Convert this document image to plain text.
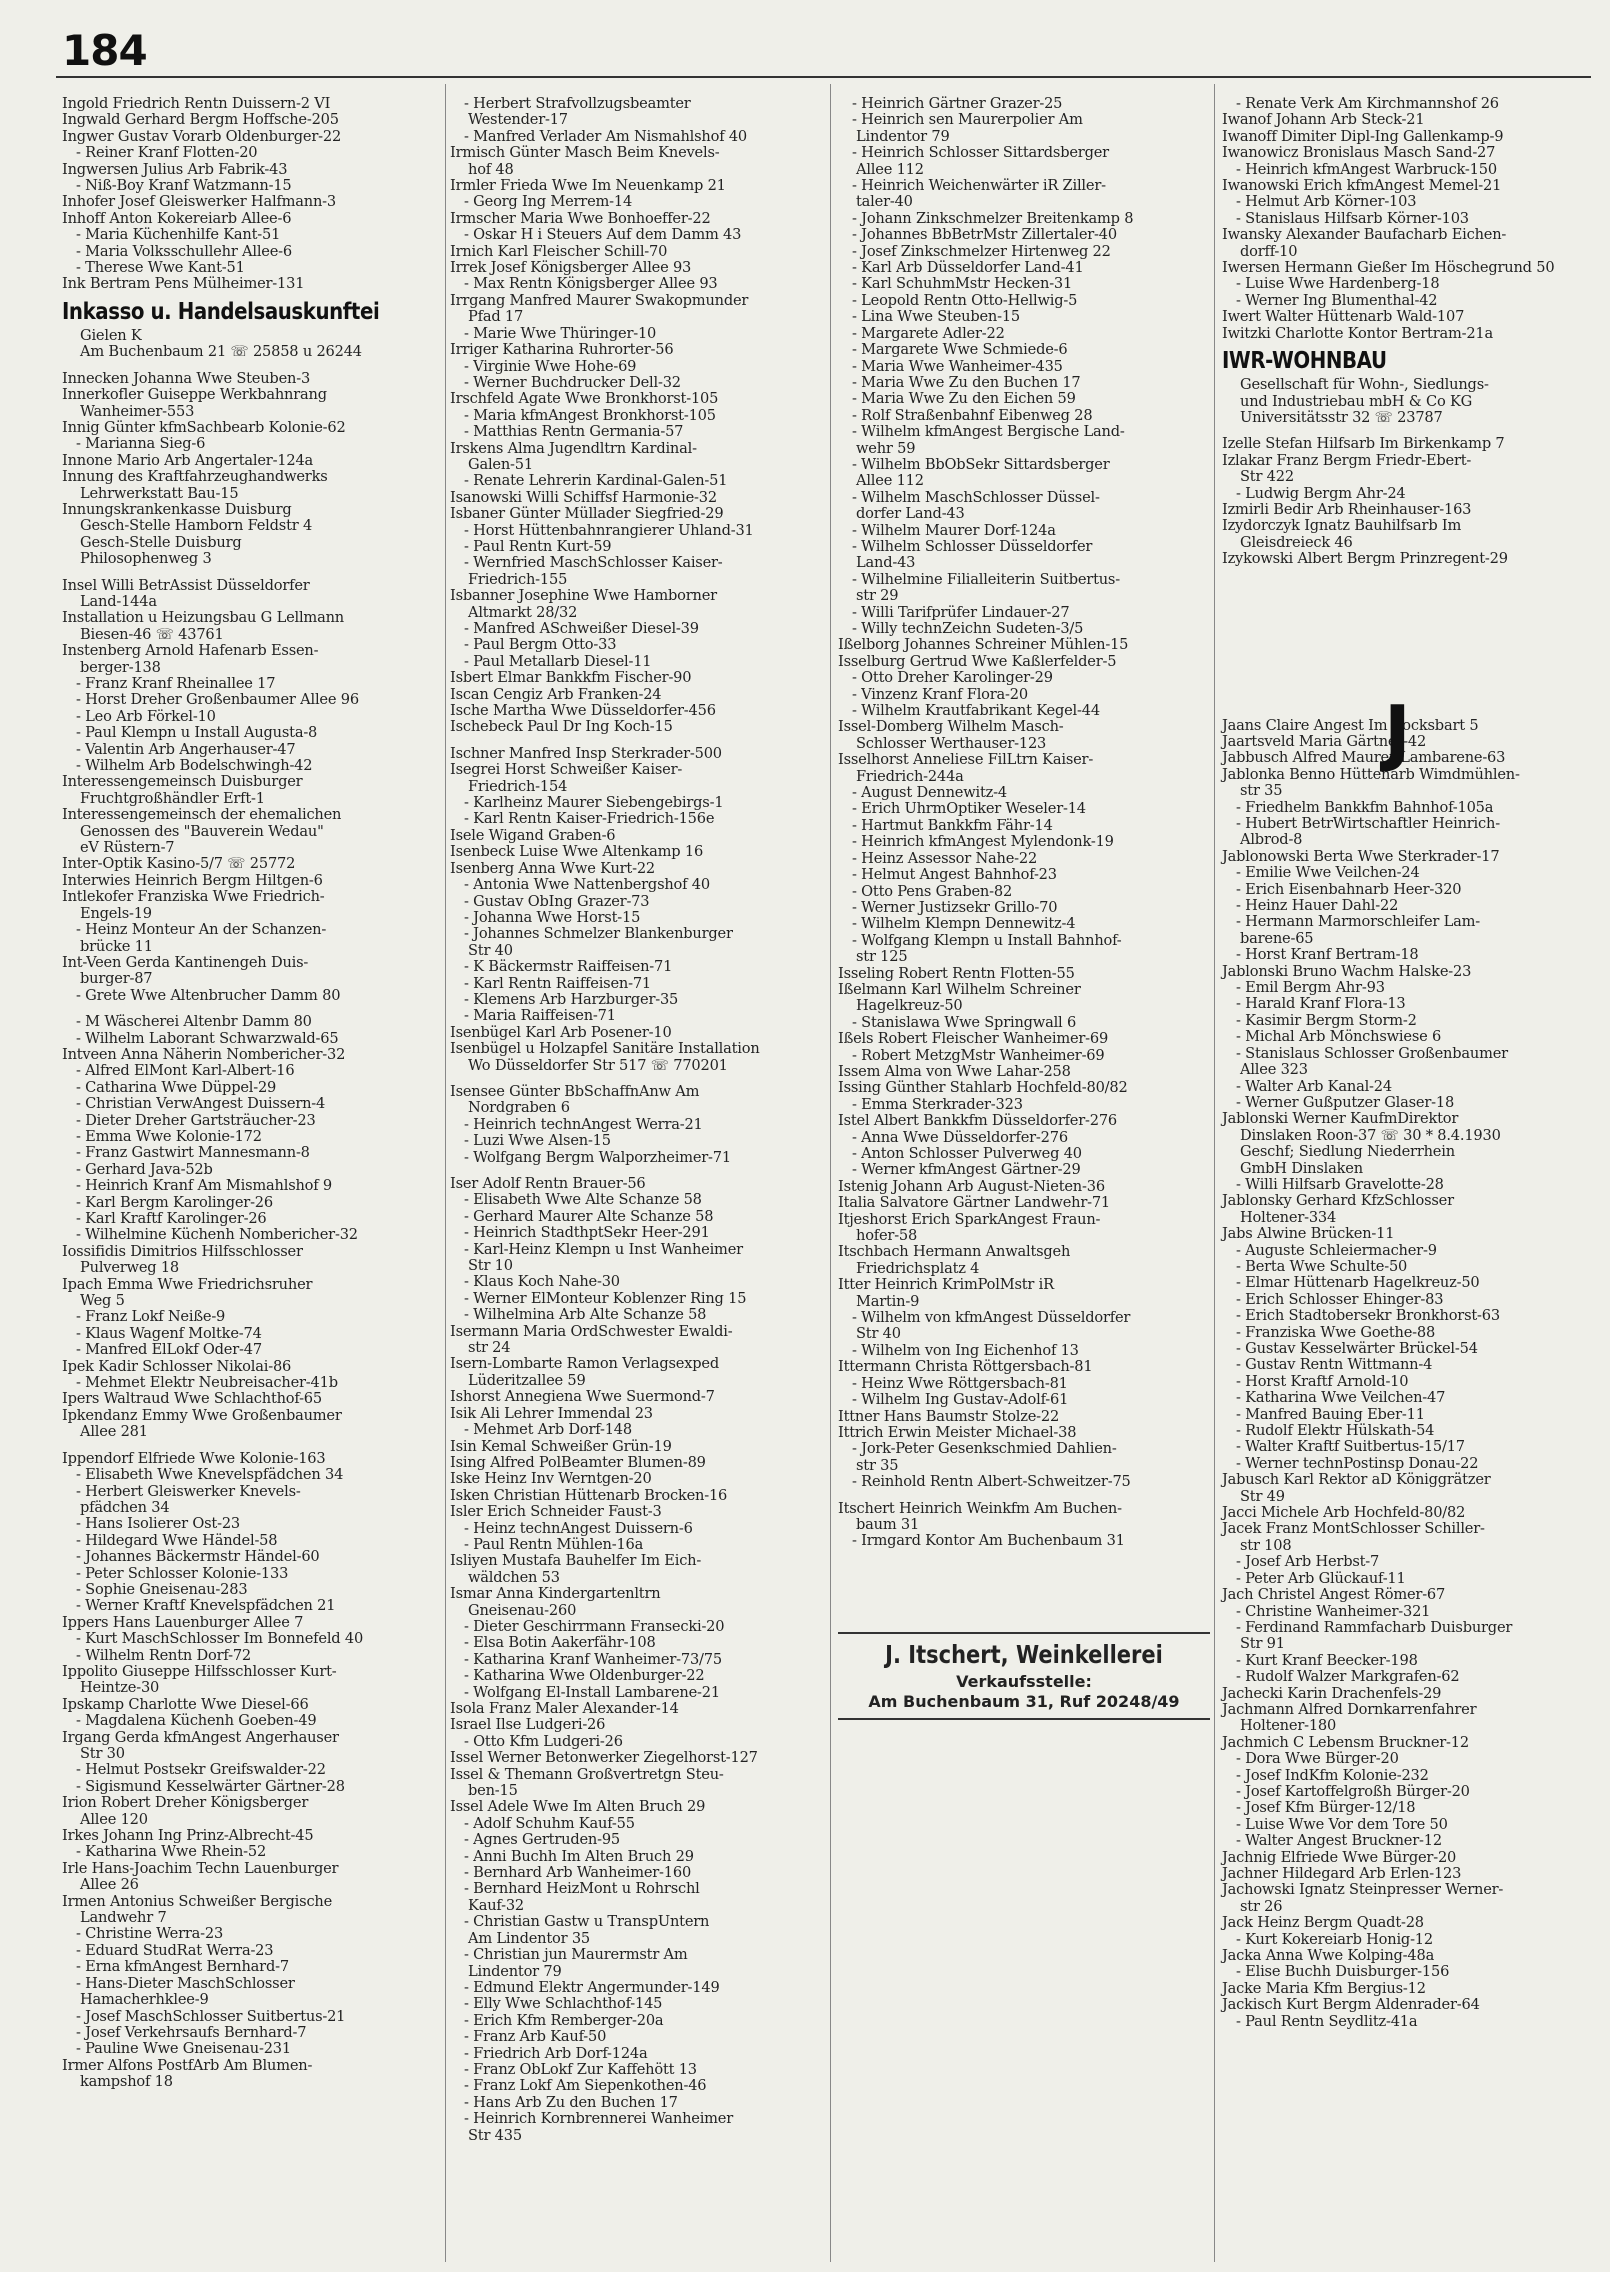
184
Ingold Friedrich Rentn Duissern-2 VI
Ingwald Gerhard Bergm Hoffsche-205
Ingwer Gustav Vorarb Oldenburger-22
- Reiner Kranf Flotten-20
Ingwersen Julius Arb Fabrik-43
- Niß-Boy Kranf Watzmann-15
Inhofer Josef Gleiswerker Halfmann-3
Inhoff Anton Kokereiarb Allee-6
- Maria Küchenhilfe Kant-51
- Maria Volksschullehr Allee-6
- Therese Wwe Kant-51
Ink Bertram Pens Mülheimer-131
Inkasso u. Handelsauskunftei
Gielen K
Am Buchenbaum 21 ☏ 25858 u 26244
Innecken Johanna Wwe Steuben-3
Innerkofler Guiseppe Werkbahnrang
Wanheimer-553
Innig Günter kfmSachbearb Kolonie-62
- Marianna Sieg-6
Innone Mario Arb Angertaler-124a
Innung des Kraftfahrzeughandwerks
Lehrwerkstatt Bau-15
Innungskrankenkasse Duisburg
Gesch-Stelle Hamborn Feldstr 4
Gesch-Stelle Duisburg
Philosophenweg 3
Insel Willi BetrAssist Düsseldorfer
Land-144a
Installation u Heizungsbau G Lellmann
Biesen-46 ☏ 43761
Instenberg Arnold Hafenarb Essen-
berger-138
- Franz Kranf Rheinallee 17
- Horst Dreher Großenbaumer Allee 96
- Leo Arb Förkel-10
- Paul Klempn u Install Augusta-8
- Valentin Arb Angerhauser-47
- Wilhelm Arb Bodelschwingh-42
Interessengemeinsch Duisburger
Fruchtgroßhändler Erft-1
Interessengemeinsch der ehemalichen
Genossen des "Bauverein Wedau"
eV Rüstern-7
Inter-Optik Kasino-5/7 ☏ 25772
Interwies Heinrich Bergm Hiltgen-6
Intlekofer Franziska Wwe Friedrich-
Engels-19
- Heinz Monteur An der Schanzen-
brücke 11
Int-Veen Gerda Kantinengeh Duis-
burger-87
- Grete Wwe Altenbrucher Damm 80
- M Wäscherei Altenbr Damm 80
- Wilhelm Laborant Schwarzwald-65
Intveen Anna Näherin Nombericher-32
- Alfred ElMont Karl-Albert-16
- Catharina Wwe Düppel-29
- Christian VerwAngest Duissern-4
- Dieter Dreher Gartsträucher-23
- Emma Wwe Kolonie-172
- Franz Gastwirt Mannesmann-8
- Gerhard Java-52b
- Heinrich Kranf Am Mismahlshof 9
- Karl Bergm Karolinger-26
- Karl Kraftf Karolinger-26
- Wilhelmine Küchenh Nombericher-32
Iossifidis Dimitrios Hilfsschlosser
Pulverweg 18
Ipach Emma Wwe Friedrichsruher
Weg 5
- Franz Lokf Neiße-9
- Klaus Wagenf Moltke-74
- Manfred ElLokf Oder-47
Ipek Kadir Schlosser Nikolai-86
- Mehmet Elektr Neubreisacher-41b
Ipers Waltraud Wwe Schlachthof-65
Ipkendanz Emmy Wwe Großenbaumer
Allee 281
Ippendorf Elfriede Wwe Kolonie-163
- Elisabeth Wwe Knevelspfädchen 34
- Herbert Gleiswerker Knevels-
pfädchen 34
- Hans Isolierer Ost-23
- Hildegard Wwe Händel-58
- Johannes Bäckermstr Händel-60
- Peter Schlosser Kolonie-133
- Sophie Gneisenau-283
- Werner Kraftf Knevelspfädchen 21
Ippers Hans Lauenburger Allee 7
- Kurt MaschSchlosser Im Bonnefeld 40
- Wilhelm Rentn Dorf-72
Ippolito Giuseppe Hilfsschlosser Kurt-
Heintze-30
Ipskamp Charlotte Wwe Diesel-66
- Magdalena Küchenh Goeben-49
Irgang Gerda kfmAngest Angerhauser
Str 30
- Helmut Postsekr Greifswalder-22
- Sigismund Kesselwärter Gärtner-28
Irion Robert Dreher Königsberger
Allee 120
Irkes Johann Ing Prinz-Albrecht-45
- Katharina Wwe Rhein-52
Irle Hans-Joachim Techn Lauenburger
Allee 26
Irmen Antonius Schweißer Bergische
Landwehr 7
- Christine Werra-23
- Eduard StudRat Werra-23
- Erna kfmAngest Bernhard-7
- Hans-Dieter MaschSchlosser
Hamacherhklee-9
- Josef MaschSchlosser Suitbertus-21
- Josef Verkehrsaufs Bernhard-7
- Pauline Wwe Gneisenau-231
Irmer Alfons PostfArb Am Blumen-
kampshof 18
- Herbert Strafvollzugsbeamter
Westender-17
- Manfred Verlader Am Nismahlshof 40
Irmisch Günter Masch Beim Knevels-
hof 48
Irmler Frieda Wwe Im Neuenkamp 21
- Georg Ing Merrem-14
Irmscher Maria Wwe Bonhoeffer-22
- Oskar H i Steuers Auf dem Damm 43
Irnich Karl Fleischer Schill-70
Irrek Josef Königsberger Allee 93
- Max Rentn Königsberger Allee 93
Irrgang Manfred Maurer Swakopmunder
Pfad 17
- Marie Wwe Thüringer-10
Irriger Katharina Ruhrorter-56
- Virginie Wwe Hohe-69
- Werner Buchdrucker Dell-32
Irschfeld Agate Wwe Bronkhorst-105
- Maria kfmAngest Bronkhorst-105
- Matthias Rentn Germania-57
Irskens Alma Jugendltrn Kardinal-
Galen-51
- Renate Lehrerin Kardinal-Galen-51
Isanowski Willi Schiffsf Harmonie-32
Isbaner Günter Müllader Siegfried-29
- Horst Hüttenbahnrangierer Uhland-31
- Paul Rentn Kurt-59
- Wernfried MaschSchlosser Kaiser-
Friedrich-155
Isbanner Josephine Wwe Hamborner
Altmarkt 28/32
- Manfred ASchweißer Diesel-39
- Paul Bergm Otto-33
- Paul Metallarb Diesel-11
Isbert Elmar Bankkfm Fischer-90
Iscan Cengiz Arb Franken-24
Ische Martha Wwe Düsseldorfer-456
Ischebeck Paul Dr Ing Koch-15
Ischner Manfred Insp Sterkrader-500
Isegrei Horst Schweißer Kaiser-
Friedrich-154
- Karlheinz Maurer Siebengebirgs-1
- Karl Rentn Kaiser-Friedrich-156e
Isele Wigand Graben-6
Isenbeck Luise Wwe Altenkamp 16
Isenberg Anna Wwe Kurt-22
- Antonia Wwe Nattenbergshof 40
- Gustav ObIng Grazer-73
- Johanna Wwe Horst-15
- Johannes Schmelzer Blankenburger
Str 40
- K Bäckermstr Raiffeisen-71
- Karl Rentn Raiffeisen-71
- Klemens Arb Harzburger-35
- Maria Raiffeisen-71
Isenbügel Karl Arb Posener-10
Isenbügel u Holzapfel Sanitäre Installation
Wo Düsseldorfer Str 517 ☏ 770201
Isensee Günter BbSchaffnAnw Am
Nordgraben 6
- Heinrich technAngest Werra-21
- Luzi Wwe Alsen-15
- Wolfgang Bergm Walporzheimer-71
Iser Adolf Rentn Brauer-56
- Elisabeth Wwe Alte Schanze 58
- Gerhard Maurer Alte Schanze 58
- Heinrich StadthptSekr Heer-291
- Karl-Heinz Klempn u Inst Wanheimer
Str 10
- Klaus Koch Nahe-30
- Werner ElMonteur Koblenzer Ring 15
- Wilhelmina Arb Alte Schanze 58
Isermann Maria OrdSchwester Ewaldi-
str 24
Isern-Lombarte Ramon Verlagsexped
Lüderitzallee 59
Ishorst Annegiena Wwe Suermond-7
Isik Ali Lehrer Immendal 23
- Mehmet Arb Dorf-148
Isin Kemal Schweißer Grün-19
Ising Alfred PolBeamter Blumen-89
Iske Heinz Inv Werntgen-20
Isken Christian Hüttenarb Brocken-16
Isler Erich Schneider Faust-3
- Heinz technAngest Duissern-6
- Paul Rentn Mühlen-16a
Isliyen Mustafa Bauhelfer Im Eich-
wäldchen 53
Ismar Anna Kindergartenltrn
Gneisenau-260
- Dieter Geschirrmann Fransecki-20
- Elsa Botin Aakerfähr-108
- Katharina Kranf Wanheimer-73/75
- Katharina Wwe Oldenburger-22
- Wolfgang El-Install Lambarene-21
Isola Franz Maler Alexander-14
Israel Ilse Ludgeri-26
- Otto Kfm Ludgeri-26
Issel Werner Betonwerker Ziegelhorst-127
Issel & Themann Großvertretgn Steu-
ben-15
Issel Adele Wwe Im Alten Bruch 29
- Adolf Schuhm Kauf-55
- Agnes Gertruden-95
- Anni Buchh Im Alten Bruch 29
- Bernhard Arb Wanheimer-160
- Bernhard HeizMont u Rohrschl
Kauf-32
- Christian Gastw u TranspUntern
Am Lindentor 35
- Christian jun Maurermstr Am
Lindentor 79
- Edmund Elektr Angermunder-149
- Elly Wwe Schlachthof-145
- Erich Kfm Remberger-20a
- Franz Arb Kauf-50
- Friedrich Arb Dorf-124a
- Franz ObLokf Zur Kaffehött 13
- Franz Lokf Am Siepenkothen-46
- Hans Arb Zu den Buchen 17
- Heinrich Kornbrennerei Wanheimer
Str 435
- Heinrich Gärtner Grazer-25
- Heinrich sen Maurerpolier Am
Lindentor 79
- Heinrich Schlosser Sittardsberger
Allee 112
- Heinrich Weichenwärter iR Ziller-
taler-40
- Johann Zinkschmelzer Breitenkamp 8
- Johannes BbBetrMstr Zillertaler-40
- Josef Zinkschmelzer Hirtenweg 22
- Karl Arb Düsseldorfer Land-41
- Karl SchuhmMstr Hecken-31
- Leopold Rentn Otto-Hellwig-5
- Lina Wwe Steuben-15
- Margarete Adler-22
- Margarete Wwe Schmiede-6
- Maria Wwe Wanheimer-435
- Maria Wwe Zu den Buchen 17
- Maria Wwe Zu den Eichen 59
- Rolf Straßenbahnf Eibenweg 28
- Wilhelm kfmAngest Bergische Land-
wehr 59
- Wilhelm BbObSekr Sittardsberger
Allee 112
- Wilhelm MaschSchlosser Düssel-
dorfer Land-43
- Wilhelm Maurer Dorf-124a
- Wilhelm Schlosser Düsseldorfer
Land-43
- Wilhelmine Filialleiterin Suitbertus-
str 29
- Willi Tarifprüfer Lindauer-27
- Willy technZeichn Sudeten-3/5
Ißelborg Johannes Schreiner Mühlen-15
Isselburg Gertrud Wwe Kaßlerfelder-5
- Otto Dreher Karolinger-29
- Vinzenz Kranf Flora-20
- Wilhelm Krautfabrikant Kegel-44
Issel-Domberg Wilhelm Masch-
Schlosser Werthauser-123
Isselhorst Anneliese FilLtrn Kaiser-
Friedrich-244a
- August Dennewitz-4
- Erich UhrmOptiker Weseler-14
- Hartmut Bankkfm Fähr-14
- Heinrich kfmAngest Mylendonk-19
- Heinz Assessor Nahe-22
- Helmut Angest Bahnhof-23
- Otto Pens Graben-82
- Werner Justizsekr Grillo-70
- Wilhelm Klempn Dennewitz-4
- Wolfgang Klempn u Install Bahnhof-
str 125
Isseling Robert Rentn Flotten-55
Ißelmann Karl Wilhelm Schreiner
Hagelkreuz-50
- Stanislawa Wwe Springwall 6
Ißels Robert Fleischer Wanheimer-69
- Robert MetzgMstr Wanheimer-69
Issem Alma von Wwe Lahar-258
Issing Günther Stahlarb Hochfeld-80/82
- Emma Sterkrader-323
Istel Albert Bankkfm Düsseldorfer-276
- Anna Wwe Düsseldorfer-276
- Anton Schlosser Pulverweg 40
- Werner kfmAngest Gärtner-29
Istenig Johann Arb August-Nieten-36
Italia Salvatore Gärtner Landwehr-71
Itjeshorst Erich SparkAngest Fraun-
hofer-58
Itschbach Hermann Anwaltsgeh
Friedrichsplatz 4
Itter Heinrich KrimPolMstr iR
Martin-9
- Wilhelm von kfmAngest Düsseldorfer
Str 40
- Wilhelm von Ing Eichenhof 13
Ittermann Christa Röttgersbach-81
- Heinz Wwe Röttgersbach-81
- Wilhelm Ing Gustav-Adolf-61
Ittner Hans Baumstr Stolze-22
Ittrich Erwin Meister Michael-38
- Jork-Peter Gesenkschmied Dahlien-
str 35
- Reinhold Rentn Albert-Schweitzer-75
Itschert Heinrich Weinkfm Am Buchen-
baum 31
- Irmgard Kontor Am Buchenbaum 31
- Renate Verk Am Kirchmannshof 26
Iwanof Johann Arb Steck-21
Iwanoff Dimiter Dipl-Ing Gallenkamp-9
Iwanowicz Bronislaus Masch Sand-27
- Heinrich kfmAngest Warbruck-150
Iwanowski Erich kfmAngest Memel-21
- Helmut Arb Körner-103
- Stanislaus Hilfsarb Körner-103
Iwansky Alexander Baufacharb Eichen-
dorff-10
Iwersen Hermann Gießer Im Höschegrund 50
- Luise Wwe Hardenberg-18
- Werner Ing Blumenthal-42
Iwert Walter Hüttenarb Wald-107
Iwitzki Charlotte Kontor Bertram-21a
IWR-WOHNBAU
Gesellschaft für Wohn-, Siedlungs-
und Industriebau mbH & Co KG
Universitätsstr 32 ☏ 23787
Izelle Stefan Hilfsarb Im Birkenkamp 7
Izlakar Franz Bergm Friedr-Ebert-
Str 422
- Ludwig Bergm Ahr-24
Izmirli Bedir Arb Rheinhauser-163
Izydorczyk Ignatz Bauhilfsarb Im
Gleisdreieck 46
Izykowski Albert Bergm Prinzregent-29
Jaans Claire Angest Im Bocksbart 5
Jaartsveld Maria Gärtner-42
Jabbusch Alfred Maurer Lambarene-63
Jablonka Benno Hüttenarb Wimdmühlen-
str 35
- Friedhelm Bankkfm Bahnhof-105a
- Hubert BetrWirtschaftler Heinrich-
Albrod-8
Jablonowski Berta Wwe Sterkrader-17
- Emilie Wwe Veilchen-24
- Erich Eisenbahnarb Heer-320
- Heinz Hauer Dahl-22
- Hermann Marmorschleifer Lam-
barene-65
- Horst Kranf Bertram-18
Jablonski Bruno Wachm Halske-23
- Emil Bergm Ahr-93
- Harald Kranf Flora-13
- Kasimir Bergm Storm-2
- Michal Arb Mönchswiese 6
- Stanislaus Schlosser Großenbaumer
Allee 323
- Walter Arb Kanal-24
- Werner Gußputzer Glaser-18
Jablonski Werner KaufmDirektor
Dinslaken Roon-37 ☏ 30 * 8.4.1930
Geschf; Siedlung Niederrhein
GmbH Dinslaken
- Willi Hilfsarb Gravelotte-28
Jablonsky Gerhard KfzSchlosser
Holtener-334
Jabs Alwine Brücken-11
- Auguste Schleiermacher-9
- Berta Wwe Schulte-50
- Elmar Hüttenarb Hagelkreuz-50
- Erich Schlosser Ehinger-83
- Erich Stadtobersekr Bronkhorst-63
- Franziska Wwe Goethe-88
- Gustav Kesselwärter Brückel-54
- Gustav Rentn Wittmann-4
- Horst Kraftf Arnold-10
- Katharina Wwe Veilchen-47
- Manfred Bauing Eber-11
- Rudolf Elektr Hülskath-54
- Walter Kraftf Suitbertus-15/17
- Werner technPostinsp Donau-22
Jabusch Karl Rektor aD Königgrätzer
Str 49
Jacci Michele Arb Hochfeld-80/82
Jacek Franz MontSchlosser Schiller-
str 108
- Josef Arb Herbst-7
- Peter Arb Glückauf-11
Jach Christel Angest Römer-67
- Christine Wanheimer-321
- Ferdinand Rammfacharb Duisburger
Str 91
- Kurt Kranf Beecker-198
- Rudolf Walzer Markgrafen-62
Jachecki Karin Drachenfels-29
Jachmann Alfred Dornkarrenfahrer
Holtener-180
Jachmich C Lebensm Bruckner-12
- Dora Wwe Bürger-20
- Josef IndKfm Kolonie-232
- Josef Kartoffelgroßh Bürger-20
- Josef Kfm Bürger-12/18
- Luise Wwe Vor dem Tore 50
- Walter Angest Bruckner-12
Jachnig Elfriede Wwe Bürger-20
Jachner Hildegard Arb Erlen-123
Jachowski Ignatz Steinpresser Werner-
str 26
Jack Heinz Bergm Quadt-28
- Kurt Kokereiarb Honig-12
Jacka Anna Wwe Kolping-48a
- Elise Buchh Duisburger-156
Jacke Maria Kfm Bergius-12
Jackisch Kurt Bergm Aldenrader-64
- Paul Rentn Seydlitz-41a
J. Itschert, Weinkellerei
Verkaufsstelle:
Am Buchenbaum 31, Ruf 20248/49
J
